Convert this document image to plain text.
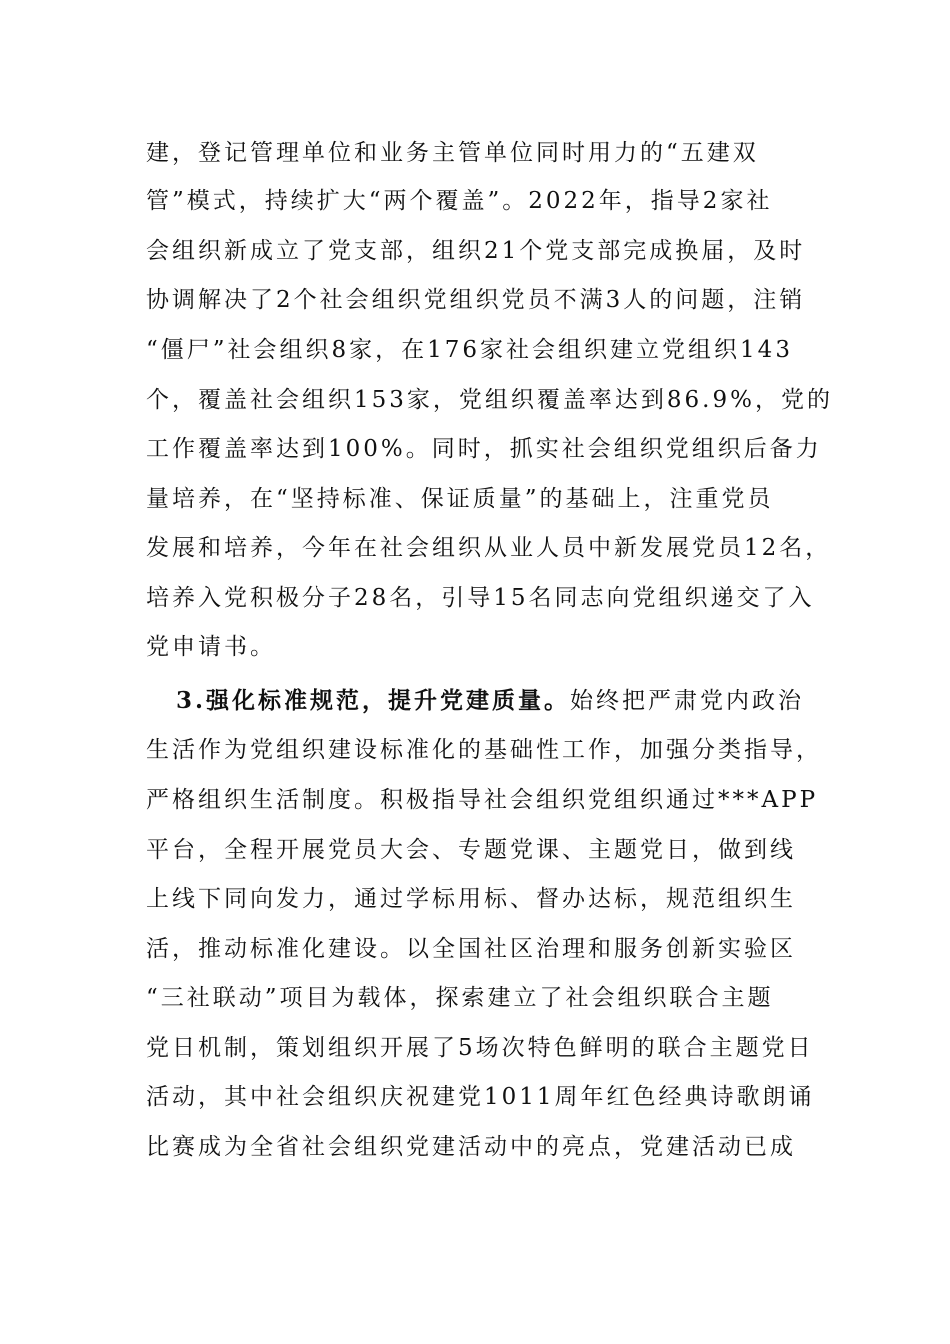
建，登记管理单位和业务主管单位同时用力的“五建双
管”模式，持续扩大“两个覆盖”。2022年，指导2家社
会组织新成立了党支部，组织21个党支部完成换届，及时
协调解决了2个社会组织党组织党员不满3人的问题，注销
“僵尸”社会组织8家，在176家社会组织建立党组织143
个，覆盖社会组织153家，党组织覆盖率达到86.9%，党的
工作覆盖率达到100%。同时，抓实社会组织党组织后备力
量培养，在“坚持标准、保证质量”的基础上，注重党员
发展和培养，今年在社会组织从业人员中新发展党员12名，
培养入党积极分子28名，引导15名同志向党组织递交了入
党申请书。
3.强化标准规范，提升党建质量。始终把严肃党内政治
生活作为党组织建设标准化的基础性工作，加强分类指导，
严格组织生活制度。积极指导社会组织党组织通过***APP
平台，全程开展党员大会、专题党课、主题党日，做到线
上线下同向发力，通过学标用标、督办达标，规范组织生
活，推动标准化建设。以全国社区治理和服务创新实验区
“三社联动”项目为载体，探索建立了社会组织联合主题
党日机制，策划组织开展了5场次特色鲜明的联合主题党日
活动，其中社会组织庆祝建党1011周年红色经典诗歌朗诵
比赛成为全省社会组织党建活动中的亮点，党建活动已成
